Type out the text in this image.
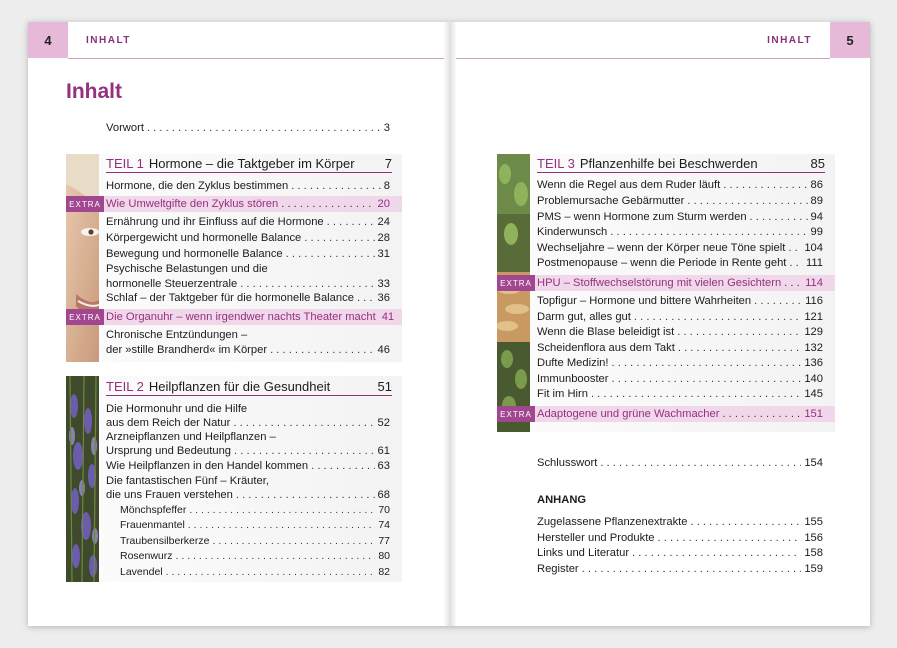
4	INHALT	INHALT	5
Inhalt
Vorwort . . .	3
TEIL 1 Hormone – die Taktgeber im Körper	7
Hormone, die den Zyklus bestimmen . . .	8
EXTRA Wie Umweltgifte den Zyklus stören . . .	20
Ernährung und ihr Einfluss auf die Hormone . . .	24
Körpergewicht und hormonelle Balance . . .	28
Bewegung und hormonelle Balance . . .	31
Psychische Belastungen und die
hormonelle Steuerzentrale . . .	33
Schlaf – der Taktgeber für die hormonelle Balance . . . 36
EXTRA Die Organuhr – wenn irgendwer nachts Theater macht 41
Chronische Entzündungen –
der »stille Brandherd« im Körper . . .	46
TEIL 2 Heilpflanzen für die Gesundheit	51
Die Hormonuhr und die Hilfe
aus dem Reich der Natur . . .	52
Arzneipflanzen und Heilpflanzen –
Ursprung und Bedeutung . . .	61
Wie Heilpflanzen in den Handel kommen . . .	63
Die fantastischen Fünf – Kräuter,
die uns Frauen verstehen . . .	68
Mönchspfeffer . . .	70
Frauenmantel . . .	74
Traubensilberkerze . . .	77
Rosenwurz . . .	80
Lavendel . . .	82
TEIL 3 Pflanzenhilfe bei Beschwerden	85
Wenn die Regel aus dem Ruder läuft . . .	86
Problemursache Gebärmutter . . .	89
PMS – wenn Hormone zum Sturm werden . . .	94
Kinderwunsch . . .	99
Wechseljahre – wenn der Körper neue Töne spielt . . . 104
Postmenopause – wenn die Periode in Rente geht . . . 111
EXTRA HPU – Stoffwechselstörung mit vielen Gesichtern . . . 114
Topfigur – Hormone und bittere Wahrheiten . . .	116
Darm gut, alles gut . . .	121
Wenn die Blase beleidigt ist . . .	129
Scheidenflora aus dem Takt . . .	132
Dufte Medizin! . . .	136
Immunbooster . . .	140
Fit im Hirn . . .	145
EXTRA Adaptogene und grüne Wachmacher . . .	151
Schlusswort . . .	154
ANHANG
Zugelassene Pflanzenextrakte . . .	155
Hersteller und Produkte . . .	156
Links und Literatur . . .	158
Register . . .	159
